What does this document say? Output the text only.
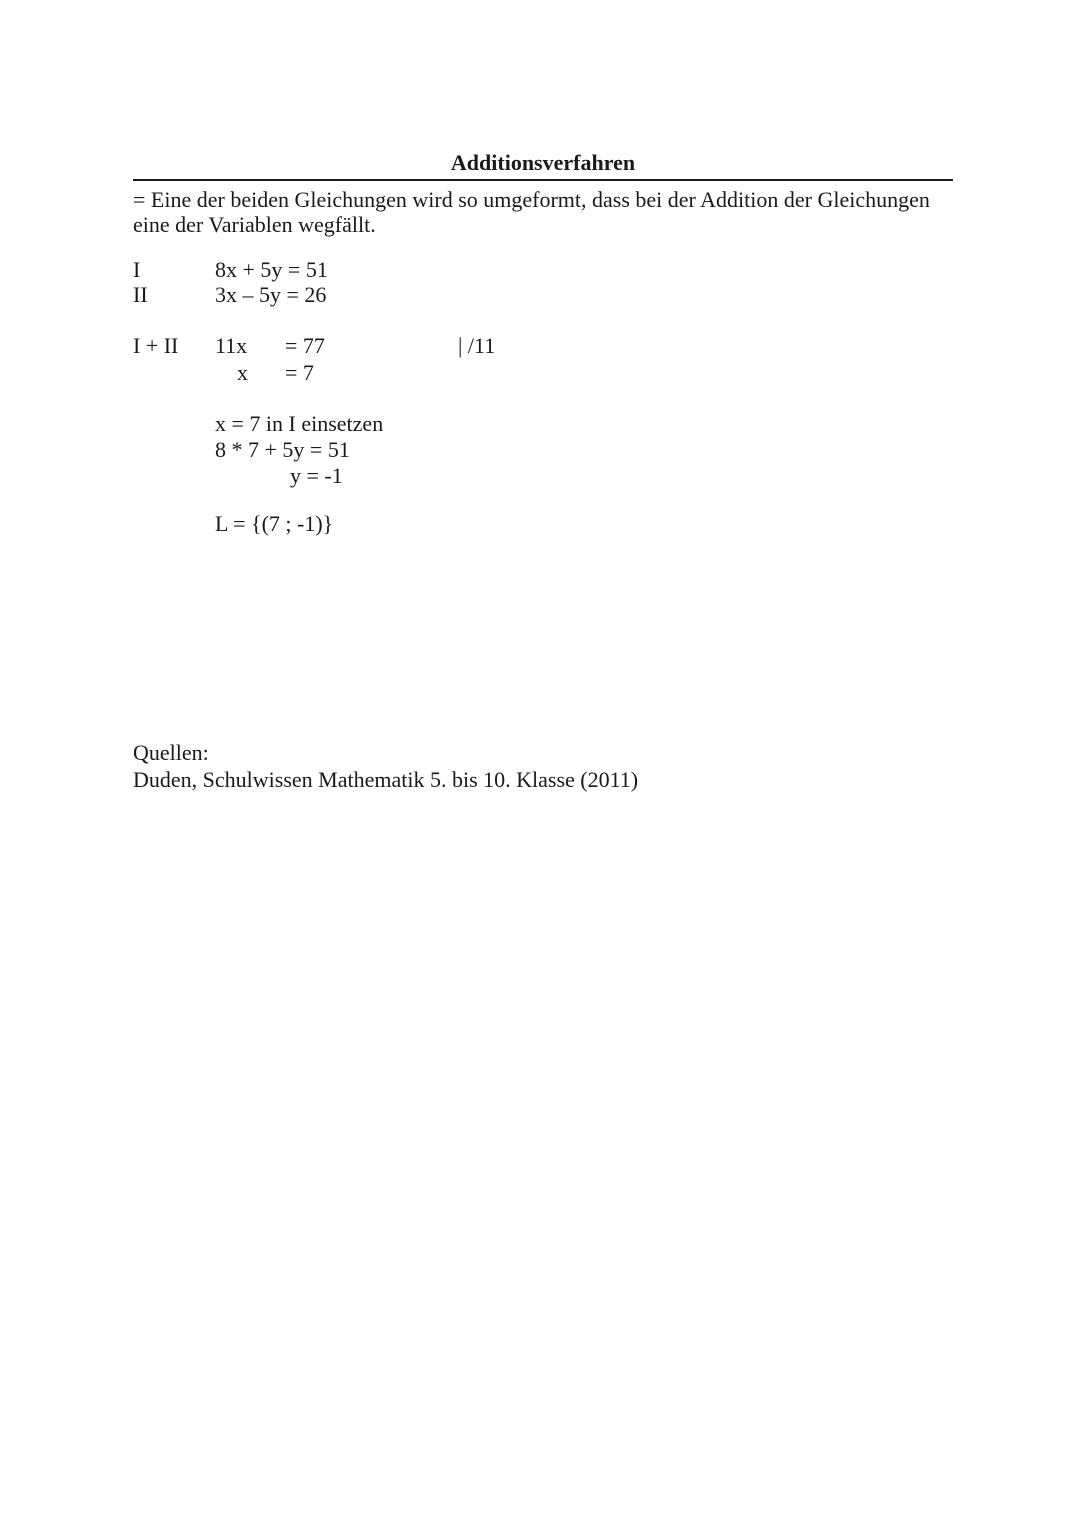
Additionsverfahren
= Eine der beiden Gleichungen wird so umgeformt, dass bei der Addition der Gleichungen
eine der Variablen wegfällt.
I	8x + 5y = 51
II	3x – 5y = 26
I + II	11x	= 77	| /11
x	= 7
x = 7 in I einsetzen
8 * 7 + 5y = 51
y = -1
L = {(7 ; -1)}
Quellen:
Duden, Schulwissen Mathematik 5. bis 10. Klasse (2011)
